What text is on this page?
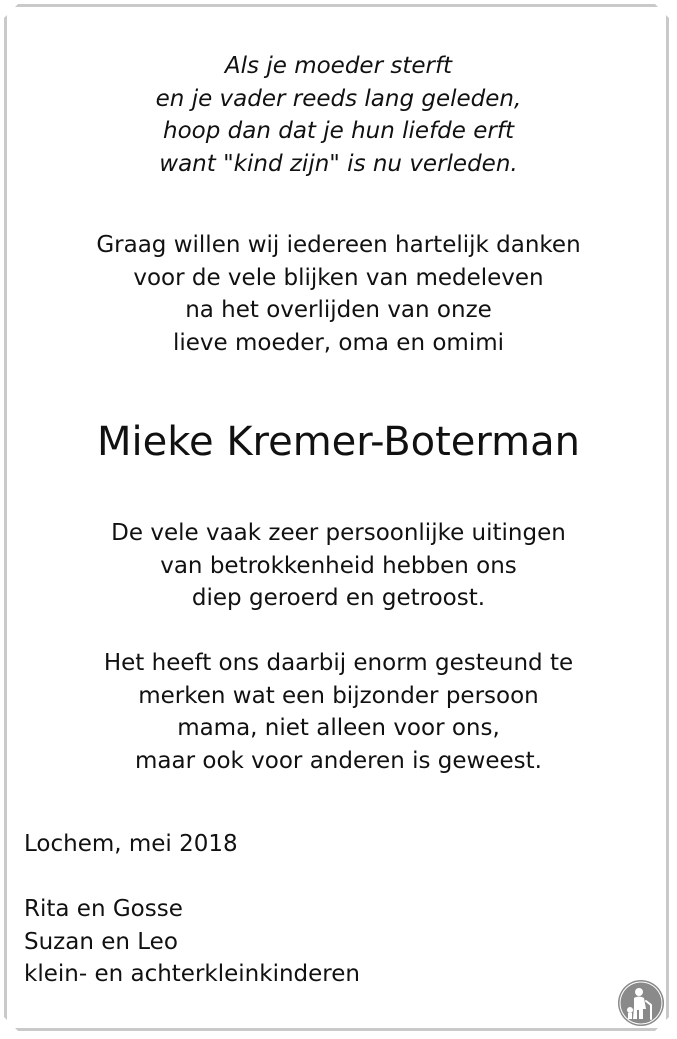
Als je moeder sterft
en je vader reeds lang geleden,
hoop dan dat je hun liefde erft
want "kind zijn" is nu verleden.
Graag willen wij iedereen hartelijk danken
voor de vele blijken van medeleven
na het overlijden van onze
lieve moeder, oma en omimi
Mieke Kremer-Boterman
De vele vaak zeer persoonlijke uitingen
van betrokkenheid hebben ons
diep geroerd en getroost.
Het heeft ons daarbij enorm gesteund te
merken wat een bijzonder persoon
mama, niet alleen voor ons,
maar ook voor anderen is geweest.
Lochem, mei 2018
Rita en Gosse
Suzan en Leo
klein- en achterkleinkinderen
